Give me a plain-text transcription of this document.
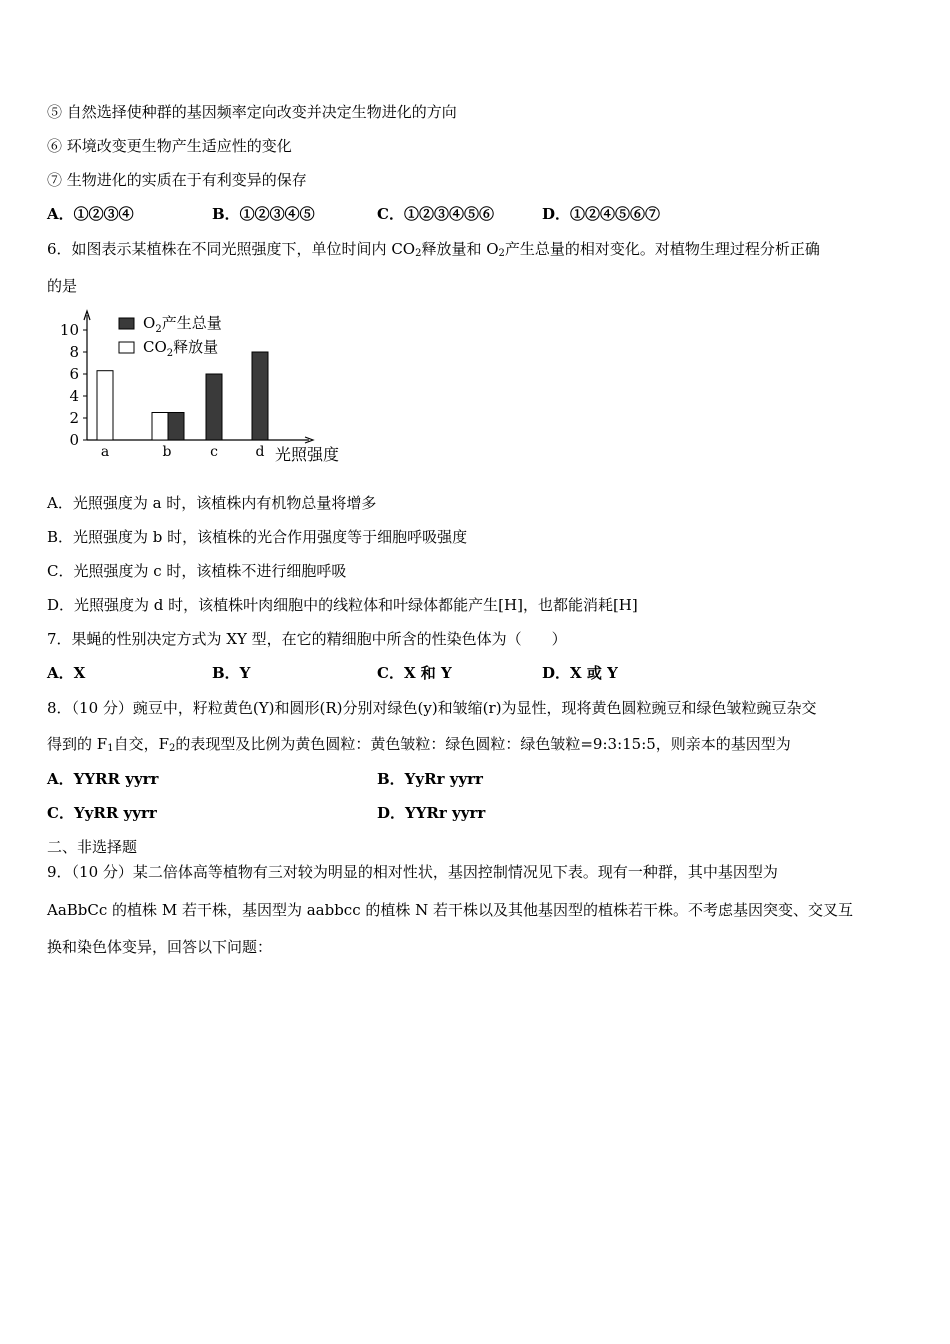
⑤ 自然选择使种群的基因频率定向改变并决定生物进化的方向
⑥ 环境改变更生物产生适应性的变化
⑦ 生物进化的实质在于有利变异的保存
A．①②③④	B．①②③④⑤	C．①②③④⑤⑥	D．①②④⑤⑥⑦
6．如图表示某植株在不同光照强度下，单位时间内 $CO_2$释放量和 $O_2$产生总量的相对变化。对植物生理过程分析正确
的是
0
2
4
6
8
10
a	b	c	d 光照强度
$O_2$产生总量
$CO_2$释放量
A．光照强度为 a 时，该植株内有机物总量将增多
B．光照强度为 b 时，该植株的光合作用强度等于细胞呼吸强度
C．光照强度为 c 时，该植株不进行细胞呼吸
D．光照强度为 d 时，该植株叶肉细胞中的线粒体和叶绿体都能产生[H]，也都能消耗[H]
7．果蝇的性别决定方式为 XY 型，在它的精细胞中所含的性染色体为（　　）
A．X	B．Y	C．X 和 Y	D．X 或 Y
8．（10 分）豌豆中，籽粒黄色(Y)和圆形(R)分别对绿色(y)和皱缩(r)为显性，现将黄色圆粒豌豆和绿色皱粒豌豆杂交
得到的 $F_1$自交，$F_2$的表现型及比例为黄色圆粒：黄色皱粒：绿色圆粒：绿色皱粒=9:3:15:5，则亲本的基因型为
A．YYRR yyrr	B．YyRr yyrr
C．YyRR yyrr	D．YYRr yyrr
二、非选择题
9．（10 分）某二倍体高等植物有三对较为明显的相对性状，基因控制情况见下表。现有一种群，其中基因型为
AaBbCc 的植株 M 若干株，基因型为 aabbcc 的植株 N 若干株以及其他基因型的植株若干株。不考虑基因突变、交叉互
换和染色体变异，回答以下问题：
